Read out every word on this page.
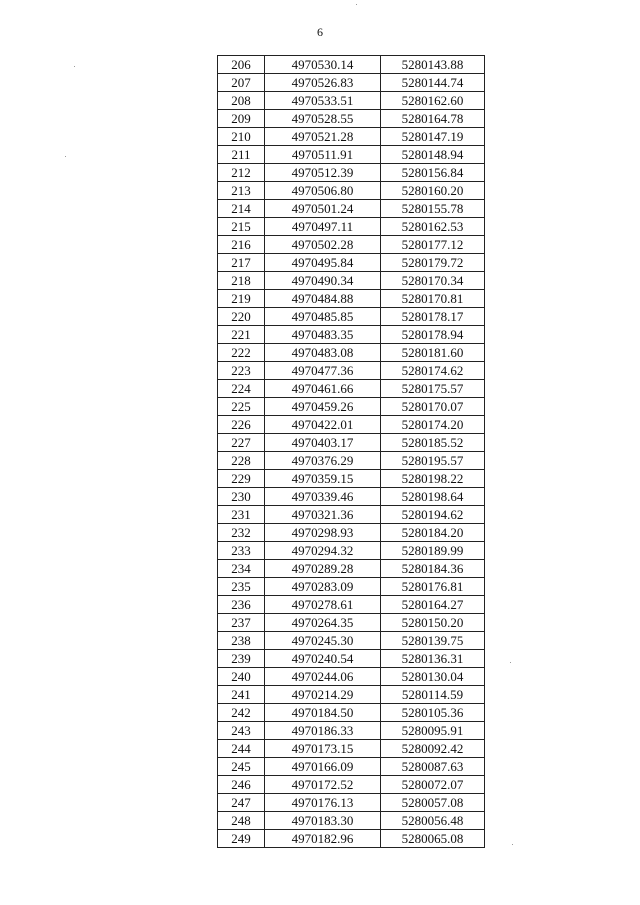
6
206	4970530.14	5280143.88
207	4970526.83	5280144.74
208	4970533.51	5280162.60
209	4970528.55	5280164.78
210	4970521.28	5280147.19
211	4970511.91	5280148.94
212	4970512.39	5280156.84
213	4970506.80	5280160.20
214	4970501.24	5280155.78
215	4970497.11	5280162.53
216	4970502.28	5280177.12
217	4970495.84	5280179.72
218	4970490.34	5280170.34
219	4970484.88	5280170.81
220	4970485.85	5280178.17
221	4970483.35	5280178.94
222	4970483.08	5280181.60
223	4970477.36	5280174.62
224	4970461.66	5280175.57
225	4970459.26	5280170.07
226	4970422.01	5280174.20
227	4970403.17	5280185.52
228	4970376.29	5280195.57
229	4970359.15	5280198.22
230	4970339.46	5280198.64
231	4970321.36	5280194.62
232	4970298.93	5280184.20
233	4970294.32	5280189.99
234	4970289.28	5280184.36
235	4970283.09	5280176.81
236	4970278.61	5280164.27
237	4970264.35	5280150.20
238	4970245.30	5280139.75
239	4970240.54	5280136.31
240	4970244.06	5280130.04
241	4970214.29	5280114.59
242	4970184.50	5280105.36
243	4970186.33	5280095.91
244	4970173.15	5280092.42
245	4970166.09	5280087.63
246	4970172.52	5280072.07
247	4970176.13	5280057.08
248	4970183.30	5280056.48
249	4970182.96	5280065.08
